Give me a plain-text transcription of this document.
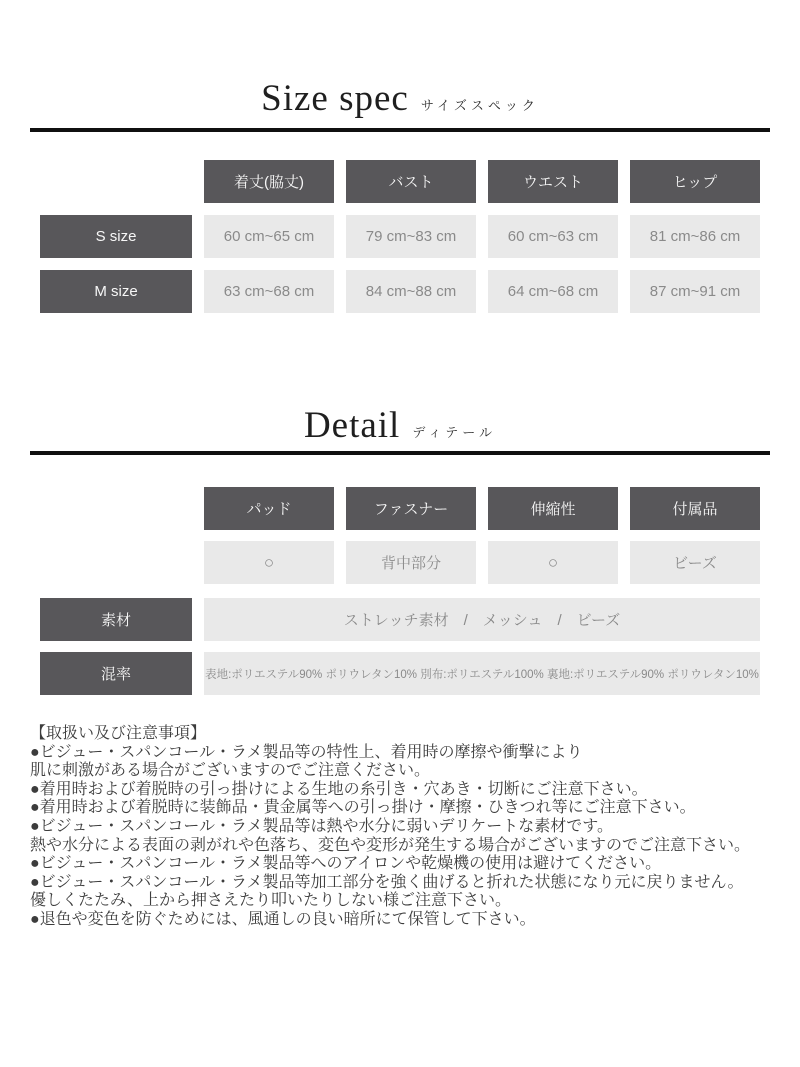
Size spec サイズスペック
着丈(脇丈)	バスト	ウエスト	ヒップ
S size	60 cm~65 cm	79 cm~83 cm	60 cm~63 cm	81 cm~86 cm
M size	63 cm~68 cm	84 cm~88 cm	64 cm~68 cm	87 cm~91 cm
Detail ディテール
パッド	ファスナー	伸縮性	付属品
○	背中部分	○	ビーズ
素材	ストレッチ素材　/　メッシュ　/　ビーズ
混率	表地:ポリエステル90% ポリウレタン10% 別布:ポリエステル100% 裏地:ポリエステル90% ポリウレタン10%
【取扱い及び注意事項】
●ビジュー・スパンコール・ラメ製品等の特性上、着用時の摩擦や衝撃により
肌に刺激がある場合がございますのでご注意ください。
●着用時および着脱時の引っ掛けによる生地の糸引き・穴あき・切断にご注意下さい。
●着用時および着脱時に装飾品・貴金属等への引っ掛け・摩擦・ひきつれ等にご注意下さい。
●ビジュー・スパンコール・ラメ製品等は熱や水分に弱いデリケートな素材です。
熱や水分による表面の剥がれや色落ち、変色や変形が発生する場合がございますのでご注意下さい。
●ビジュー・スパンコール・ラメ製品等へのアイロンや乾燥機の使用は避けてください。
●ビジュー・スパンコール・ラメ製品等加工部分を強く曲げると折れた状態になり元に戻りません。
優しくたたみ、上から押さえたり叩いたりしない様ご注意下さい。
●退色や変色を防ぐためには、風通しの良い暗所にて保管して下さい。
